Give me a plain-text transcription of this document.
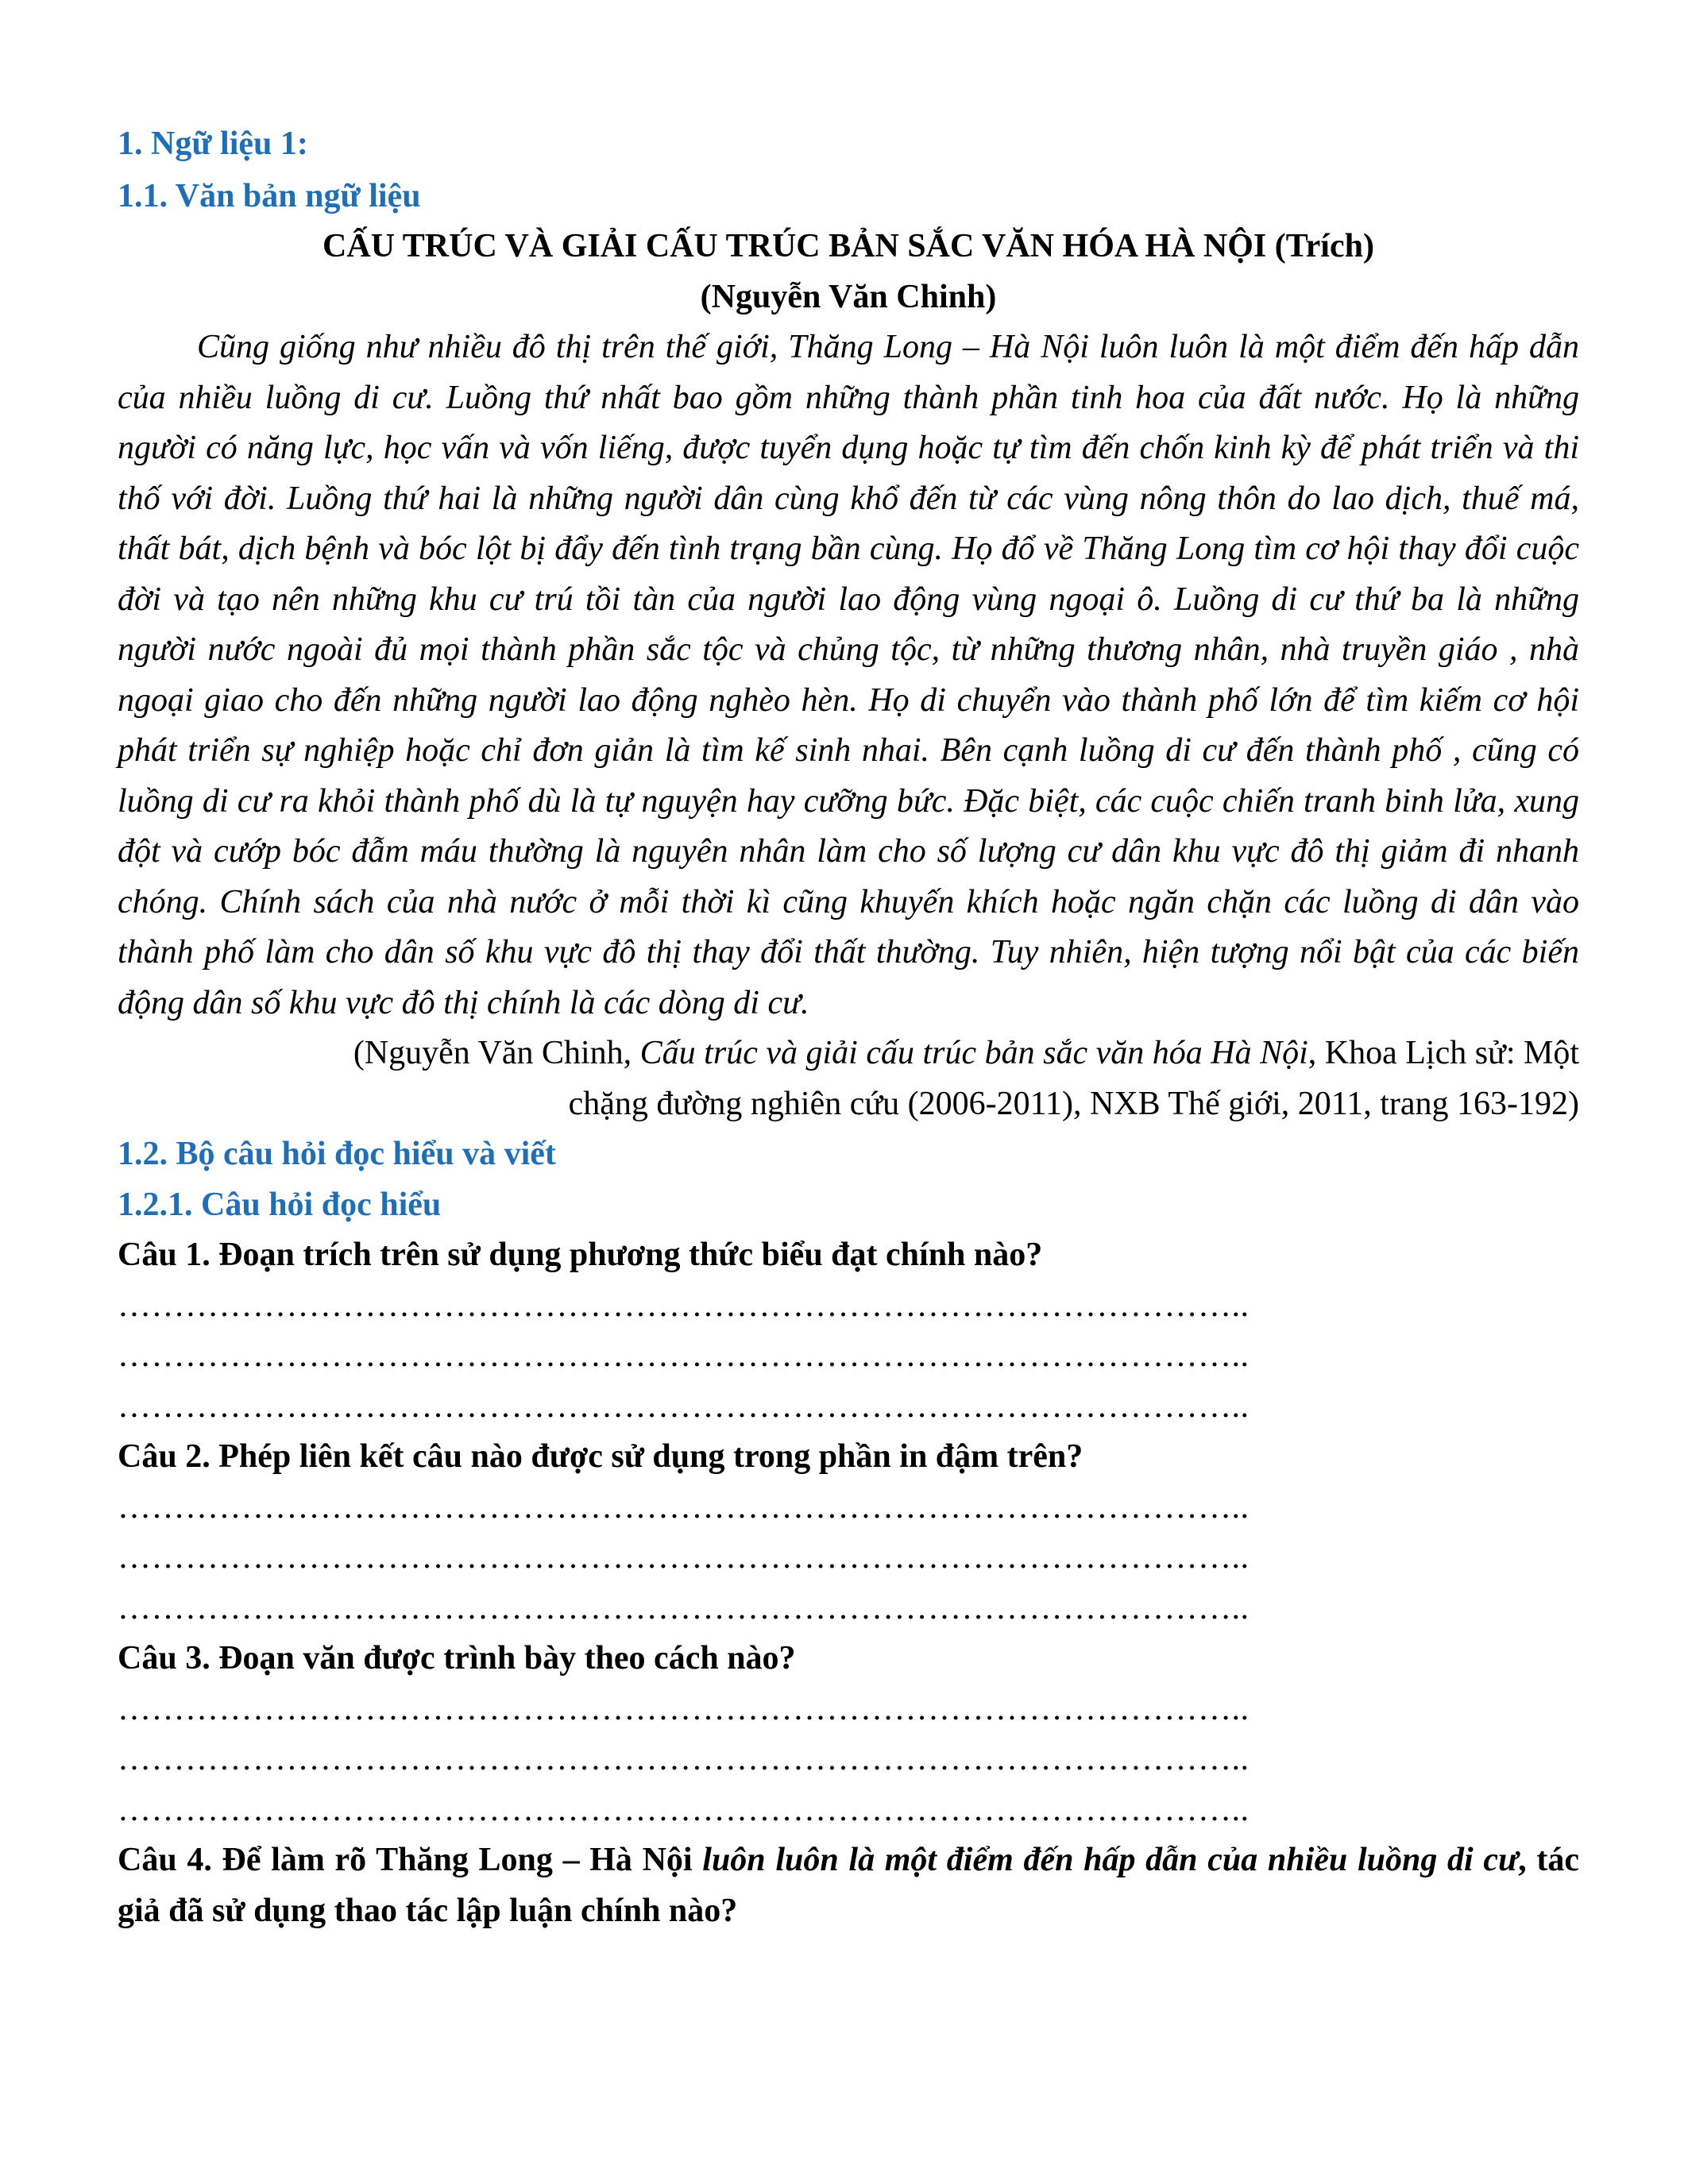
1. Ngữ liệu 1:

1.1. Văn bản ngữ liệu

CẤU TRÚC VÀ GIẢI CẤU TRÚC BẢN SẮC VĂN HÓA HÀ NỘI (Trích)

(Nguyễn Văn Chinh)

Cũng giống như nhiều đô thị trên thế giới, Thăng Long – Hà Nội luôn luôn là một điểm đến hấp dẫn của nhiều luồng di cư. Luồng thứ nhất bao gồm những thành phần tinh hoa của đất nước. Họ là những người có năng lực, học vấn và vốn liếng, được tuyển dụng hoặc tự tìm đến chốn kinh kỳ để phát triển và thi thố với đời. Luồng thứ hai là những người dân cùng khổ đến từ các vùng nông thôn do lao dịch, thuế má, thất bát, dịch bệnh và bóc lột bị đẩy đến tình trạng bần cùng. Họ đổ về Thăng Long tìm cơ hội thay đổi cuộc đời và tạo nên những khu cư trú tồi tàn của người lao động vùng ngoại ô. Luồng di cư thứ ba là những người nước ngoài đủ mọi thành phần sắc tộc và chủng tộc, từ những thương nhân, nhà truyền giáo , nhà ngoại giao cho đến những người lao động nghèo hèn. Họ di chuyển vào thành phố lớn để tìm kiếm cơ hội phát triển sự nghiệp hoặc chỉ đơn giản là tìm kế sinh nhai. Bên cạnh luồng di cư đến thành phố , cũng có luồng di cư ra khỏi thành phố dù là tự nguyện hay cưỡng bức. Đặc biệt, các cuộc chiến tranh binh lửa, xung đột và cướp bóc đẫm máu thường là nguyên nhân làm cho số lượng cư dân khu vực đô thị giảm đi nhanh chóng. Chính sách của nhà nước ở mỗi thời kì cũng khuyến khích hoặc ngăn chặn các luồng di dân vào thành phố làm cho dân số khu vực đô thị thay đổi thất thường. Tuy nhiên, hiện tượng nổi bật của các biến động dân số khu vực đô thị chính là các dòng di cư.

(Nguyễn Văn Chinh, Cấu trúc và giải cấu trúc bản sắc văn hóa Hà Nội, Khoa Lịch sử: Một
chặng đường nghiên cứu (2006-2011), NXB Thế giới, 2011, trang 163-192)

1.2. Bộ câu hỏi đọc hiểu và viết

1.2.1. Câu hỏi đọc hiểu

Câu 1. Đoạn trích trên sử dụng phương thức biểu đạt chính nào?

………………………………………………………………………………………..

………………………………………………………………………………………..

………………………………………………………………………………………..

Câu 2. Phép liên kết câu nào được sử dụng trong phần in đậm trên?

………………………………………………………………………………………..

………………………………………………………………………………………..

………………………………………………………………………………………..

Câu 3. Đoạn văn được trình bày theo cách nào?

………………………………………………………………………………………..

………………………………………………………………………………………..

………………………………………………………………………………………..

Câu 4. Để làm rõ Thăng Long – Hà Nội luôn luôn là một điểm đến hấp dẫn của nhiều luồng di cư, tác giả đã sử dụng thao tác lập luận chính nào?
